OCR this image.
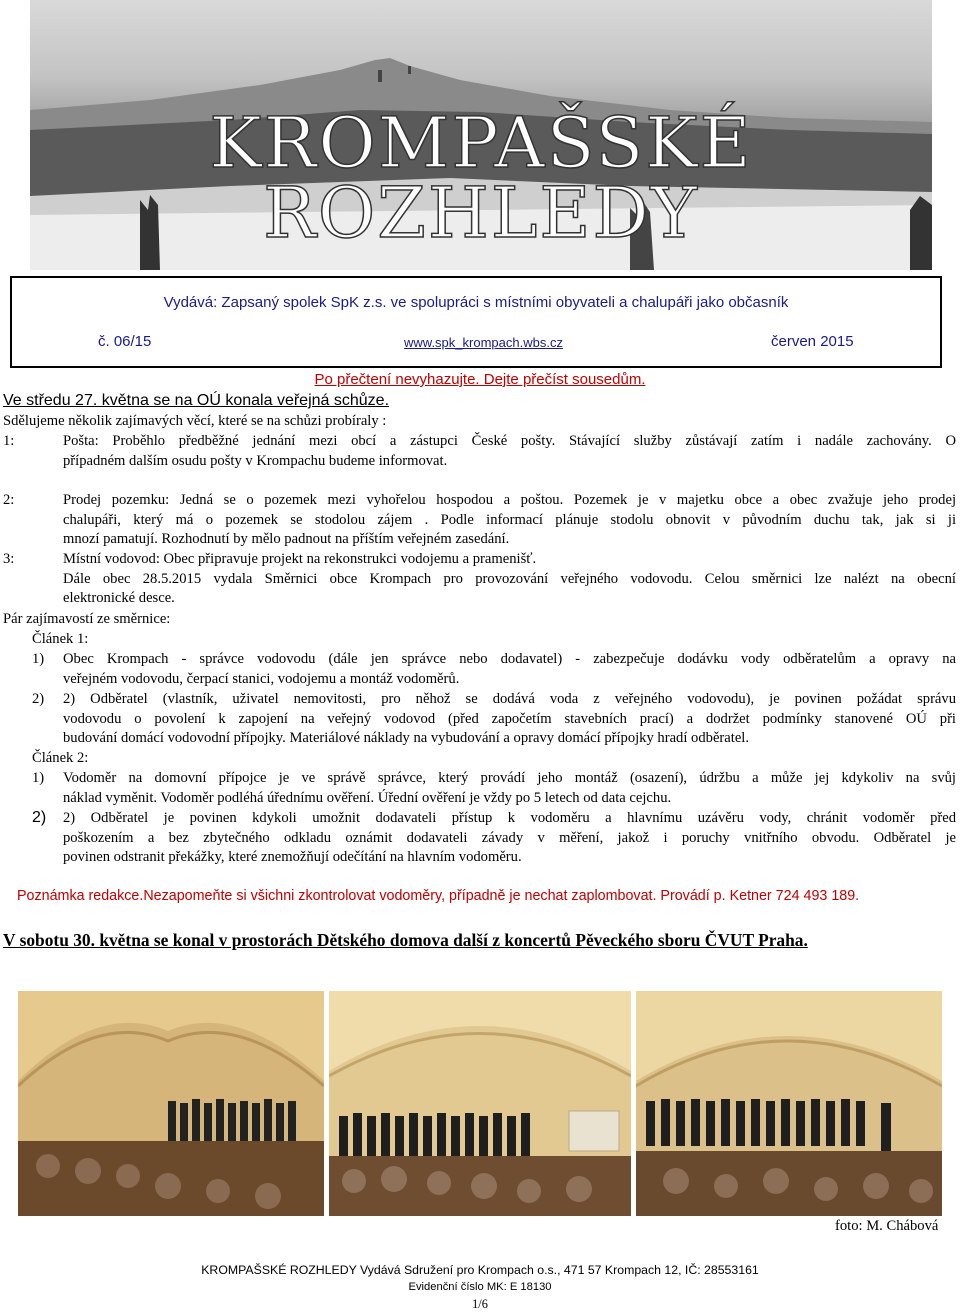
KROMPAŠSKÉ ROZHLEDY
Vydává: Zapsaný spolek SpK z.s. ve spolupráci s místními obyvateli a chalupáři jako občasník
č. 06/15	www.spk_krompach.wbs.cz	červen 2015
Po přečtení nevyhazujte. Dejte přečíst sousedům.
Ve středu 27. května se na OÚ konala veřejná schůze.
Sdělujeme několik zajímavých věcí, které se na schůzi probíraly :
1:	Pošta: Proběhlo předběžné jednání mezi obcí a zástupci České pošty. Stávající služby zůstávají zatím i nadále zachovány. O
případném dalším osudu pošty v Krompachu budeme informovat.
2:	Prodej pozemku: Jedná se o pozemek mezi vyhořelou hospodou a poštou. Pozemek je v majetku obce a obec zvažuje jeho prodej
chalupáři, který má o pozemek se stodolou zájem . Podle informací plánuje stodolu obnovit v původním duchu tak, jak si ji
mnozí pamatují. Rozhodnutí by mělo padnout na příštím veřejném zasedání.
3:	Místní vodovod: Obec připravuje projekt na rekonstrukci vodojemu a pramenišť.
Dále obec 28.5.2015 vydala Směrnici obce Krompach pro provozování veřejného vodovodu. Celou směrnici lze nalézt na obecní
elektronické desce.
Pár zajímavostí ze směrnice:
Článek 1:
1) Obec Krompach - správce vodovodu (dále jen správce nebo dodavatel) - zabezpečuje dodávku vody odběratelům a opravy na
veřejném vodovodu, čerpací stanici, vodojemu a montáž vodoměrů.
2) 2) Odběratel (vlastník, uživatel nemovitosti, pro něhož se dodává voda z veřejného vodovodu), je povinen požádat správu
vodovodu o povolení k zapojení na veřejný vodovod (před započetím stavebních prací) a dodržet podmínky stanovené OÚ při
budování domácí vodovodní přípojky. Materiálové náklady na vybudování a opravy domácí přípojky hradí odběratel.
Článek 2:
1) Vodoměr na domovní přípojce je ve správě správce, který provádí jeho montáž (osazení), údržbu a může jej kdykoliv na svůj
náklad vyměnit. Vodoměr podléhá úřednímu ověření. Úřední ověření je vždy po 5 letech od data cejchu.
2) 2) Odběratel je povinen kdykoli umožnit dodavateli přístup k vodoměru a hlavnímu uzávěru vody, chránit vodoměr před
poškozením a bez zbytečného odkladu oznámit dodavateli závady v měření, jakož i poruchy vnitřního obvodu. Odběratel je
povinen odstranit překážky, které znemožňují odečítání na hlavním vodoměru.
Poznámka redakce.Nezapomeňte si všichni zkontrolovat vodoměry, případně je nechat zaplombovat. Provádí p. Ketner 724 493 189.
V sobotu 30. května se konal v prostorách Dětského domova další z koncertů Pěveckého sboru ČVUT Praha.
foto: M. Chábová
KROMPAŠSKÉ ROZHLEDY Vydává Sdružení pro Krompach o.s., 471 57 Krompach 12, IČ: 28553161
Evidenční číslo MK: E 18130
1/6
